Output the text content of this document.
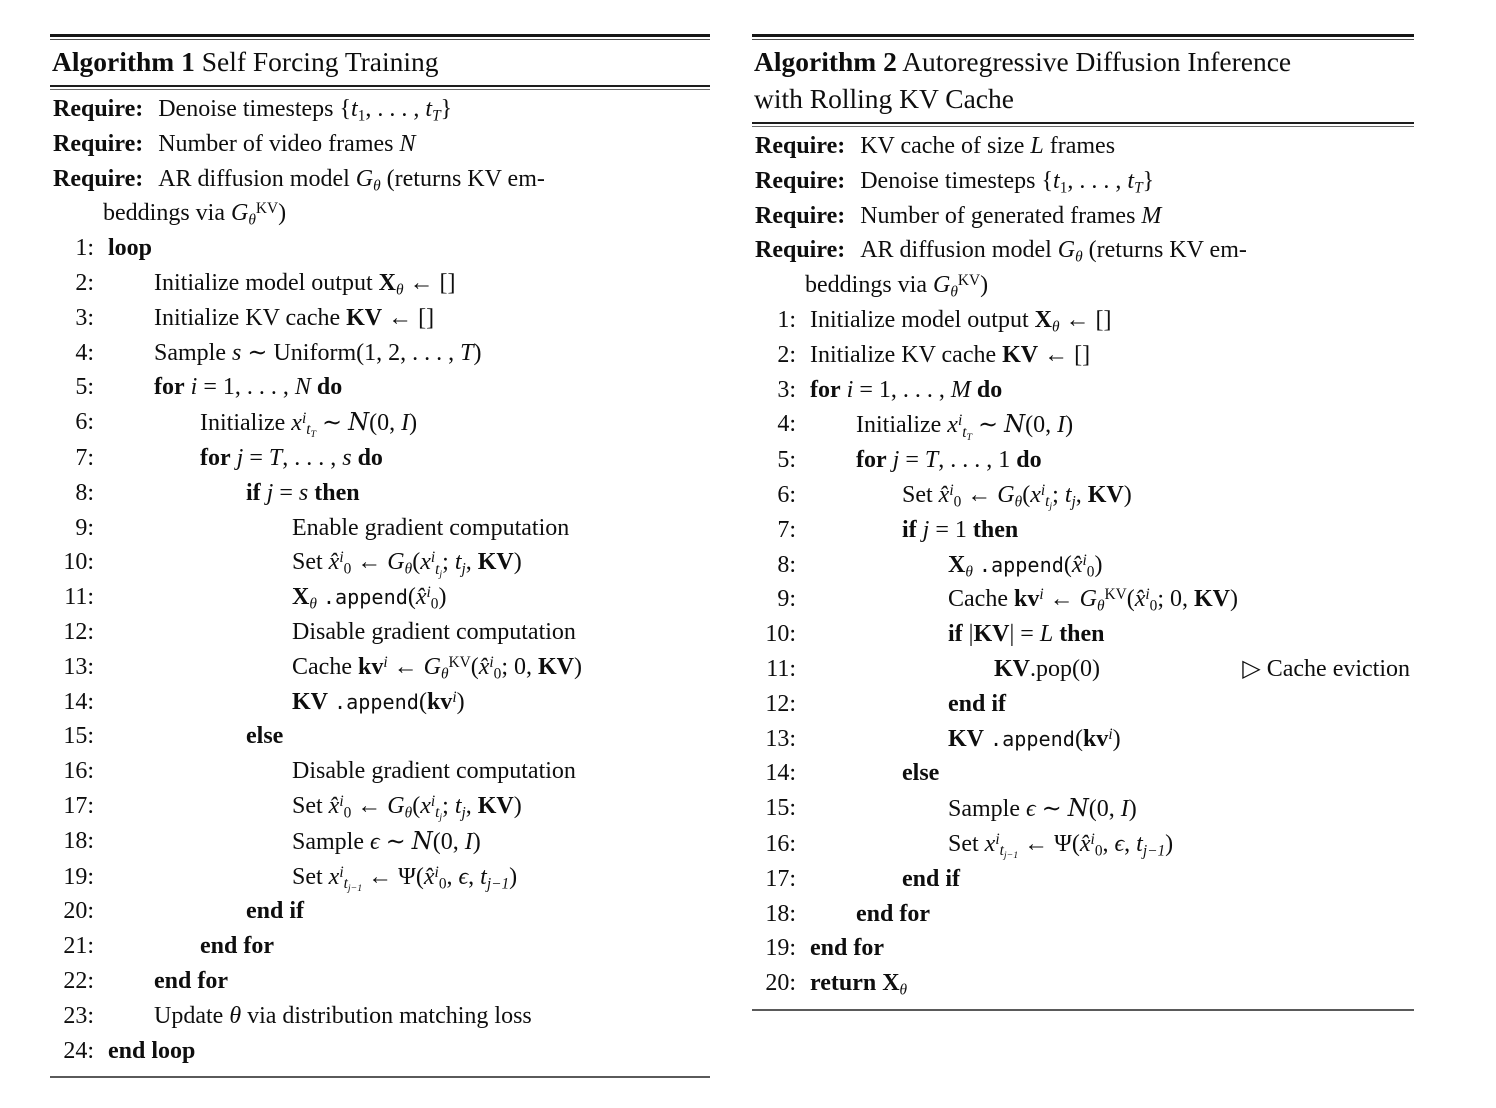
Algorithm 1 Self Forcing Training
Require: Denoise timesteps {$t_1$, . . . , $t_T$}
Require: Number of video frames N
Require: AR diffusion model $G_\theta$ (returns KV em-
beddings via $G_\theta^{KV}$)
1: loop
2:	Initialize model output $X_\theta$ ← []
3:	Initialize KV cache KV ← []
4:	Sample s ∼ Uniform(1, 2, . . . , T)
5:	for i = 1, . . . , N do
6:	Initialize $x^i_{t_T}$ ∼ N(0, I)
7:	for j = T, . . . , s do
8:	if j = s then
9:	Enable gradient computation
10:	Set x̂$^i_0$ ← $G_\theta(x^i_{t_j}$; $t_j$, KV)
11:	$X_\theta$ .append(x̂$^i_0$)
12:	Disable gradient computation
13:	Cache $kv^i$ ← $G_\theta^{KV}(x̂^i_0$; 0, KV)
14:	KV $.append(kv^i)$
15:	else
16:	Disable gradient computation
17:	Set x̂$^i_0$ ← $G_\theta(x^i_{t_j}$; $t_j$, KV)
18:	Sample ϵ ∼ N(0, I)
19:	Set $x^i_{t_{j-1}}$ ← Ψ(x̂$^i_0$, ϵ, $t_{j-1}$)
20:	end if
21:	end for
22:	end for
23:	Update θ via distribution matching loss
24: end loop
Algorithm 2 Autoregressive Diffusion Inference
with Rolling KV Cache
Require: KV cache of size L frames
Require: Denoise timesteps {$t_1$, . . . , $t_T$}
Require: Number of generated frames M
Require: AR diffusion model $G_\theta$ (returns KV em-
beddings via $G_\theta^{KV}$)
1: Initialize model output $X_\theta$ ← []
2: Initialize KV cache KV ← []
3: for i = 1, . . . , M do
4:	Initialize $x^i_{t_T}$ ∼ N(0, I)
5:	for j = T, . . . , 1 do
6:	Set x̂$^i_0$ ← $G_\theta(x^i_{t_j}$; $t_j$, KV)
7:	if j = 1 then
8:	$X_\theta$ .append(x̂$^i_0$)
9:	Cache $kv^i$ ← $G_\theta^{KV}(x̂^i_0$; 0, KV)
10:	if |KV| = L then
11:	KV.pop(0)	▷ Cache eviction
12:	end if
13:	KV $.append(kv^i)$
14:	else
15:	Sample ϵ ∼ N(0, I)
16:	Set $x^i_{t_{j-1}}$ ← Ψ(x̂$^i_0$, ϵ, $t_{j-1}$)
17:	end if
18:	end for
19: end for
20: return $X_\theta$
